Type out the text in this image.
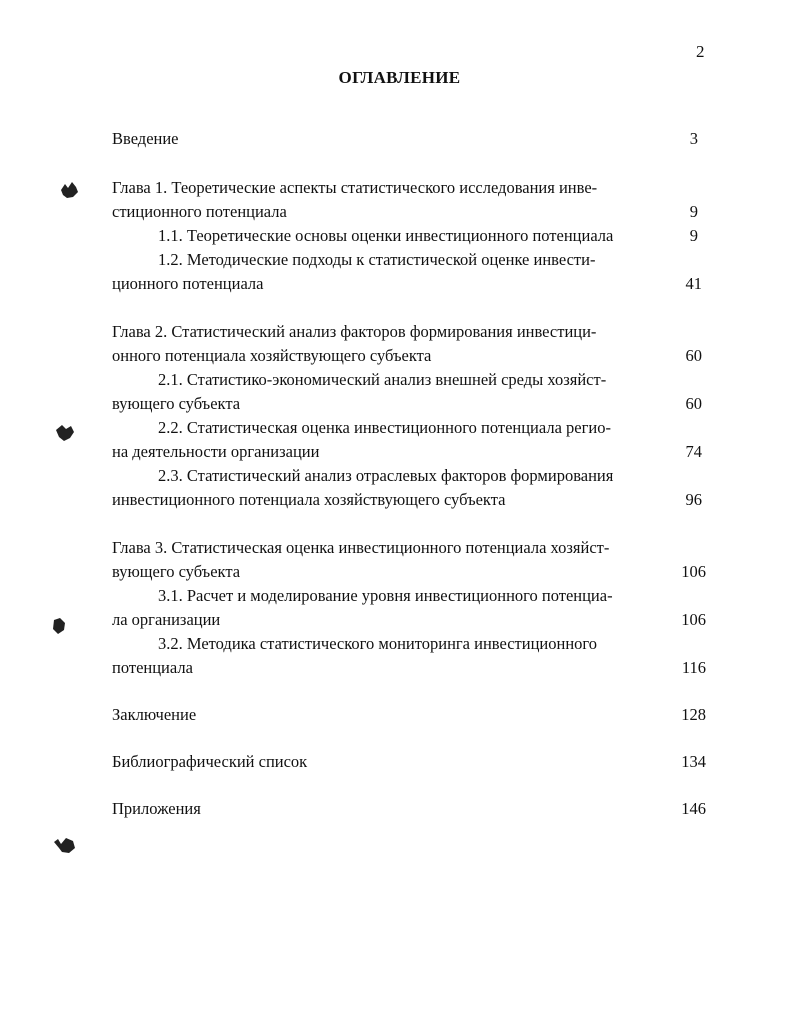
2
ОГЛАВЛЕНИЕ
Введение	3
Глава 1. Теоретические аспекты статистического исследования инве-
стиционного потенциала	9
1.1. Теоретические основы оценки инвестиционного потенциала	9
1.2. Методические подходы к статистической оценке инвести-
ционного потенциала	41
Глава 2. Статистический анализ факторов формирования инвестици-
онного потенциала хозяйствующего субъекта	60
2.1. Статистико-экономический анализ внешней среды хозяйст-
вующего субъекта	60
2.2. Статистическая оценка инвестиционного потенциала регио-
на деятельности организации	74
2.3. Статистический анализ отраслевых факторов формирования
инвестиционного потенциала хозяйствующего субъекта	96
Глава 3. Статистическая оценка инвестиционного потенциала хозяйст-
вующего субъекта	106
3.1. Расчет и моделирование уровня инвестиционного потенциа-
ла организации	106
3.2. Методика статистического мониторинга инвестиционного
потенциала	116
Заключение	128
Библиографический список	134
Приложения	146
